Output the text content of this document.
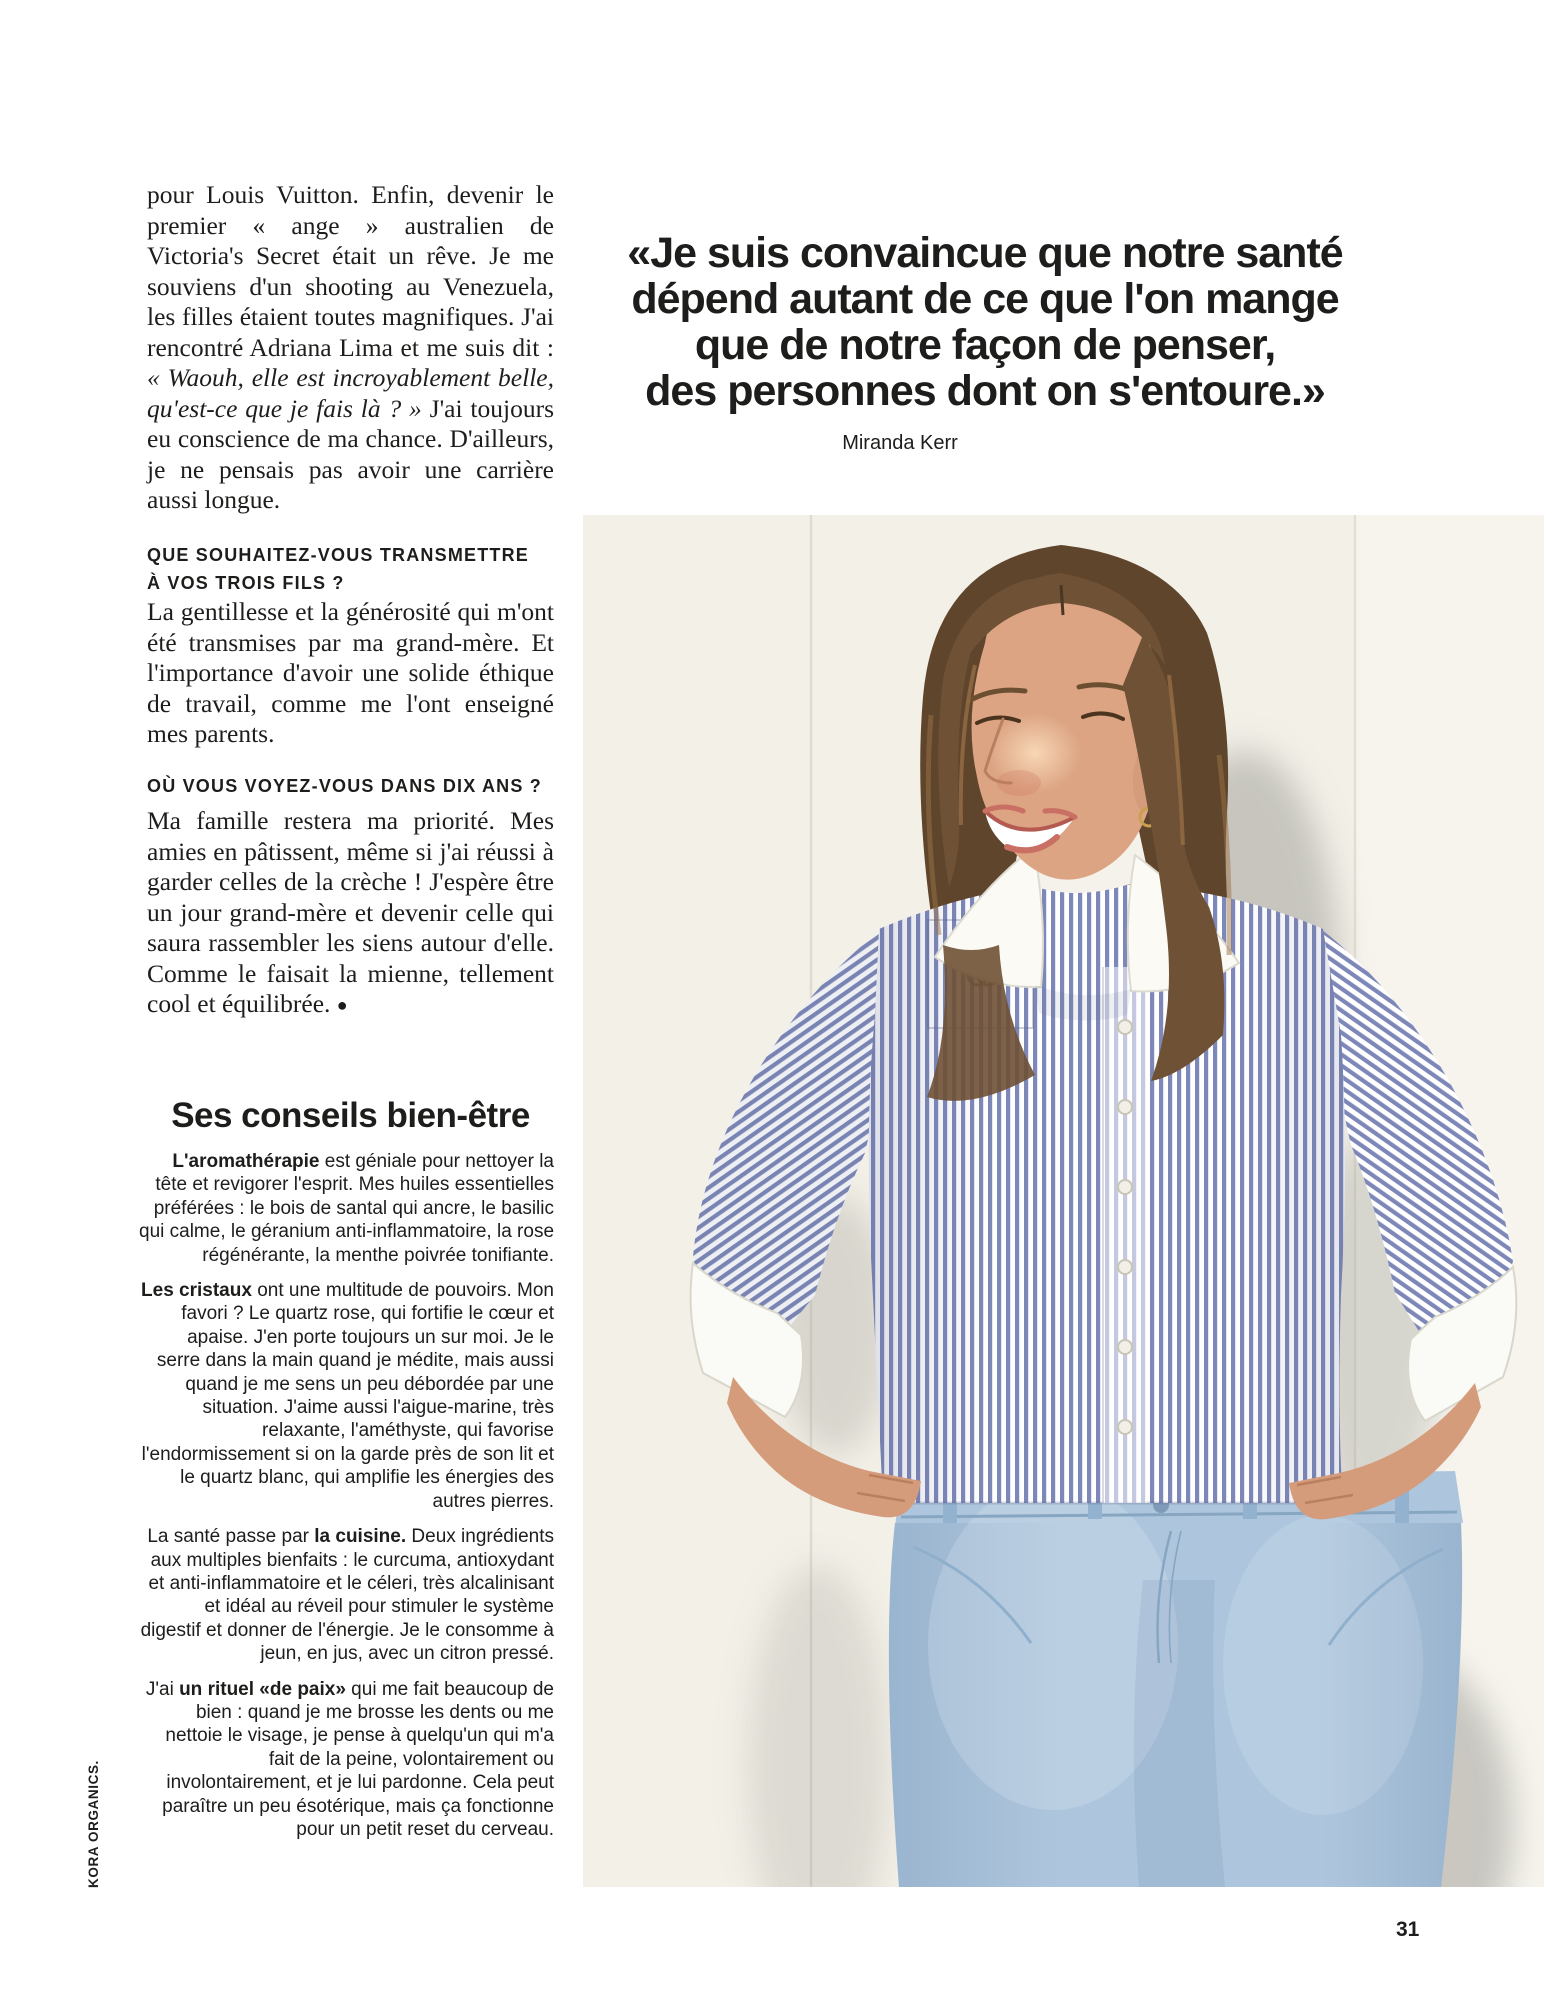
pour Louis Vuitton. Enfin, devenir le premier « ange » australien de Victoria's Secret était un rêve. Je me souviens d'un shooting au Venezuela, les filles étaient toutes magnifiques. J'ai rencontré Adriana Lima et me suis dit : « Waouh, elle est incroyablement belle, qu'est-ce que je fais là ? » J'ai toujours eu conscience de ma chance. D'ailleurs, je ne pensais pas avoir une carrière aussi longue.

QUE SOUHAITEZ-VOUS TRANSMETTRE
À VOS TROIS FILS ?

La gentillesse et la générosité qui m'ont été transmises par ma grand-mère. Et l'importance d'avoir une solide éthique de travail, comme me l'ont enseigné mes parents.

OÙ VOUS VOYEZ-VOUS DANS DIX ANS ?

Ma famille restera ma priorité. Mes amies en pâtissent, même si j'ai réussi à garder celles de la crèche ! J'espère être un jour grand-mère et devenir celle qui saura rassembler les siens autour d'elle. Comme le faisait la mienne, tellement cool et équilibrée. ●

«Je suis convaincue que notre santé
dépend autant de ce que l'on mange
que de notre façon de penser,
des personnes dont on s'entoure.»
Miranda Kerr
Ses conseils bien-être

L'aromathérapie est géniale pour nettoyer la tête et revigorer l'esprit. Mes huiles essentielles préférées : le bois de santal qui ancre, le basilic qui calme, le géranium anti-inflammatoire, la rose régénérante, la menthe poivrée tonifiante.

Les cristaux ont une multitude de pouvoirs. Mon favori ? Le quartz rose, qui fortifie le cœur et apaise. J'en porte toujours un sur moi. Je le serre dans la main quand je médite, mais aussi quand je me sens un peu débordée par une situation. J'aime aussi l'aigue-marine, très relaxante, l'améthyste, qui favorise l'endormissement si on la garde près de son lit et le quartz blanc, qui amplifie les énergies des autres pierres.

La santé passe par la cuisine. Deux ingrédients aux multiples bienfaits : le curcuma, antioxydant et anti-inflammatoire et le céleri, très alcalinisant et idéal au réveil pour stimuler le système digestif et donner de l'énergie. Je le consomme à jeun, en jus, avec un citron pressé.

J'ai un rituel «de paix» qui me fait beaucoup de bien : quand je me brosse les dents ou me nettoie le visage, je pense à quelqu'un qui m'a fait de la peine, volontairement ou involontairement, et je lui pardonne. Cela peut paraître un peu ésotérique, mais ça fonctionne pour un petit reset du cerveau.

KORA ORGANICS.
31
